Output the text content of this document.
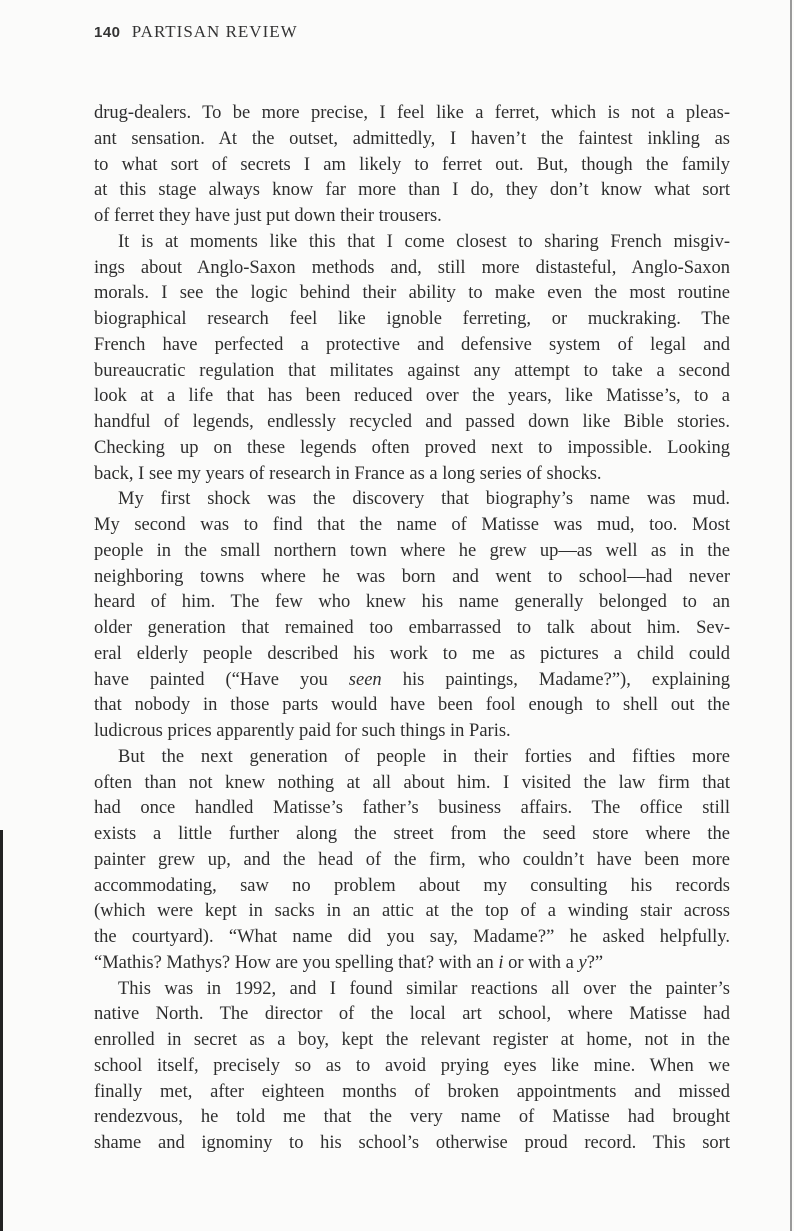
140 PARTISAN REVIEW
drug-dealers. To be more precise, I feel like a ferret, which is not a pleas-
ant sensation. At the outset, admittedly, I haven’t the faintest inkling as
to what sort of secrets I am likely to ferret out. But, though the family
at this stage always know far more than I do, they don’t know what sort
of ferret they have just put down their trousers.
It is at moments like this that I come closest to sharing French misgiv-
ings about Anglo-Saxon methods and, still more distasteful, Anglo-Saxon
morals. I see the logic behind their ability to make even the most routine
biographical research feel like ignoble ferreting, or muckraking. The
French have perfected a protective and defensive system of legal and
bureaucratic regulation that militates against any attempt to take a second
look at a life that has been reduced over the years, like Matisse’s, to a
handful of legends, endlessly recycled and passed down like Bible stories.
Checking up on these legends often proved next to impossible. Looking
back, I see my years of research in France as a long series of shocks.
My first shock was the discovery that biography’s name was mud.
My second was to find that the name of Matisse was mud, too. Most
people in the small northern town where he grew up—as well as in the
neighboring towns where he was born and went to school—had never
heard of him. The few who knew his name generally belonged to an
older generation that remained too embarrassed to talk about him. Sev-
eral elderly people described his work to me as pictures a child could
have painted (“Have you seen his paintings, Madame?”), explaining
that nobody in those parts would have been fool enough to shell out the
ludicrous prices apparently paid for such things in Paris.
But the next generation of people in their forties and fifties more
often than not knew nothing at all about him. I visited the law firm that
had once handled Matisse’s father’s business affairs. The office still
exists a little further along the street from the seed store where the
painter grew up, and the head of the firm, who couldn’t have been more
accommodating, saw no problem about my consulting his records
(which were kept in sacks in an attic at the top of a winding stair across
the courtyard). “What name did you say, Madame?” he asked helpfully.
“Mathis? Mathys? How are you spelling that? with an i or with a y?”
This was in 1992, and I found similar reactions all over the painter’s
native North. The director of the local art school, where Matisse had
enrolled in secret as a boy, kept the relevant register at home, not in the
school itself, precisely so as to avoid prying eyes like mine. When we
finally met, after eighteen months of broken appointments and missed
rendezvous, he told me that the very name of Matisse had brought
shame and ignominy to his school’s otherwise proud record. This sort
